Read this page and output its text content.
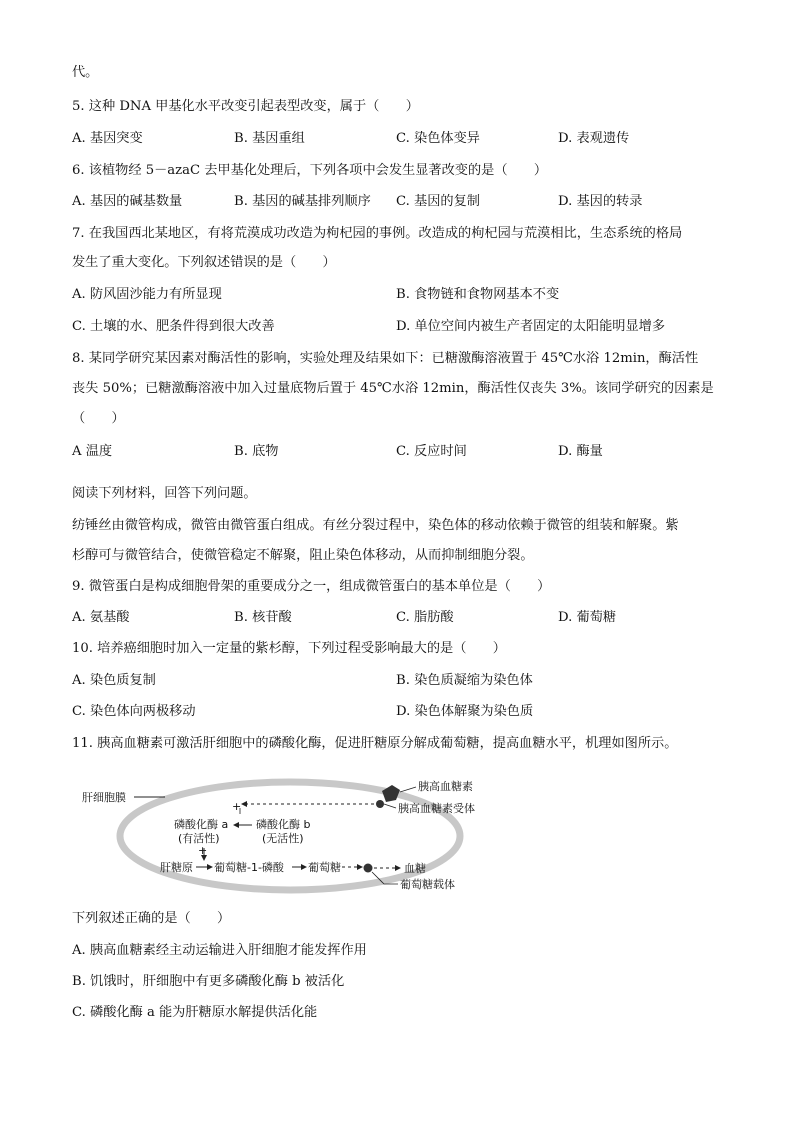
代。
5. 这种 DNA 甲基化水平改变引起表型改变，属于（　　）
A. 基因突变	B. 基因重组	C. 染色体变异	D. 表观遗传
6. 该植物经 5－azaC 去甲基化处理后，下列各项中会发生显著改变的是（　　）
A. 基因的碱基数量	B. 基因的碱基排列顺序 C. 基因的复制	D. 基因的转录
7. 在我国西北某地区，有将荒漠成功改造为枸杞园的事例。改造成的枸杞园与荒漠相比，生态系统的格局
发生了重大变化。下列叙述错误的是（　　）
A. 防风固沙能力有所显现	B. 食物链和食物网基本不变
C. 土壤的水、肥条件得到很大改善	D. 单位空间内被生产者固定的太阳能明显增多
8. 某同学研究某因素对酶活性的影响，实验处理及结果如下：已糖激酶溶液置于 45℃水浴 12min，酶活性
丧失 50%；已糖激酶溶液中加入过量底物后置于 45℃水浴 12min，酶活性仅丧失 3%。该同学研究的因素是
（　　）
A 温度	B. 底物	C. 反应时间	D. 酶量
阅读下列材料，回答下列问题。
纺锤丝由微管构成，微管由微管蛋白组成。有丝分裂过程中，染色体的移动依赖于微管的组装和解聚。紫
杉醇可与微管结合，使微管稳定不解聚，阻止染色体移动，从而抑制细胞分裂。
9. 微管蛋白是构成细胞骨架的重要成分之一，组成微管蛋白的基本单位是（　　）
A. 氨基酸	B. 核苷酸	C. 脂肪酸	D. 葡萄糖
10. 培养癌细胞时加入一定量的紫杉醇，下列过程受影响最大的是（　　）
A. 染色质复制	B. 染色质凝缩为染色体
C. 染色体向两极移动	D. 染色体解聚为染色质
11. 胰高血糖素可激活肝细胞中的磷酸化酶，促进肝糖原分解成葡萄糖，提高血糖水平，机理如图所示。
肝细胞膜
胰高血糖素
胰高血糖素受体
+
磷酸化酶 a
(有活性)
磷酸化酶 b
(无活性)
+
肝糖原 葡萄糖-1-磷酸 葡萄糖	血糖
葡萄糖载体
下列叙述正确的是（　　）
A. 胰高血糖素经主动运输进入肝细胞才能发挥作用
B. 饥饿时，肝细胞中有更多磷酸化酶 b 被活化
C. 磷酸化酶 a 能为肝糖原水解提供活化能
